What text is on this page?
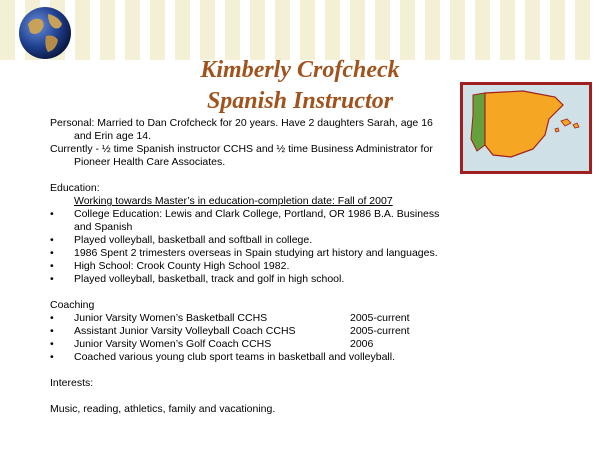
Kimberly Crofcheck
Spanish Instructor

Personal: Married to Dan Crofcheck for 20 years. Have 2 daughters Sarah, age 16 and Erin age 14.

Currently - ½ time Spanish instructor CCHS and ½ time Business Administrator for Pioneer Health Care Associates.

Education:

Working towards Master’s in education-completion date: Fall of 2007

•	College Education: Lewis and Clark College, Portland, OR 1986 B.A. Business and Spanish
•	Played volleyball, basketball and softball in college.
•	1986 Spent 2 trimesters overseas in Spain studying art history and languages.
•	High School: Crook County High School 1982.
•	Played volleyball, basketball, track and golf in high school.

Coaching

•	Junior Varsity Women’s Basketball CCHS	2005-current
•	Assistant Junior Varsity Volleyball Coach CCHS	2005-current
•	Junior Varsity Women’s Golf Coach CCHS	2006
•	Coached various young club sport teams in basketball and volleyball.

Interests:

Music, reading, athletics, family and vacationing.
